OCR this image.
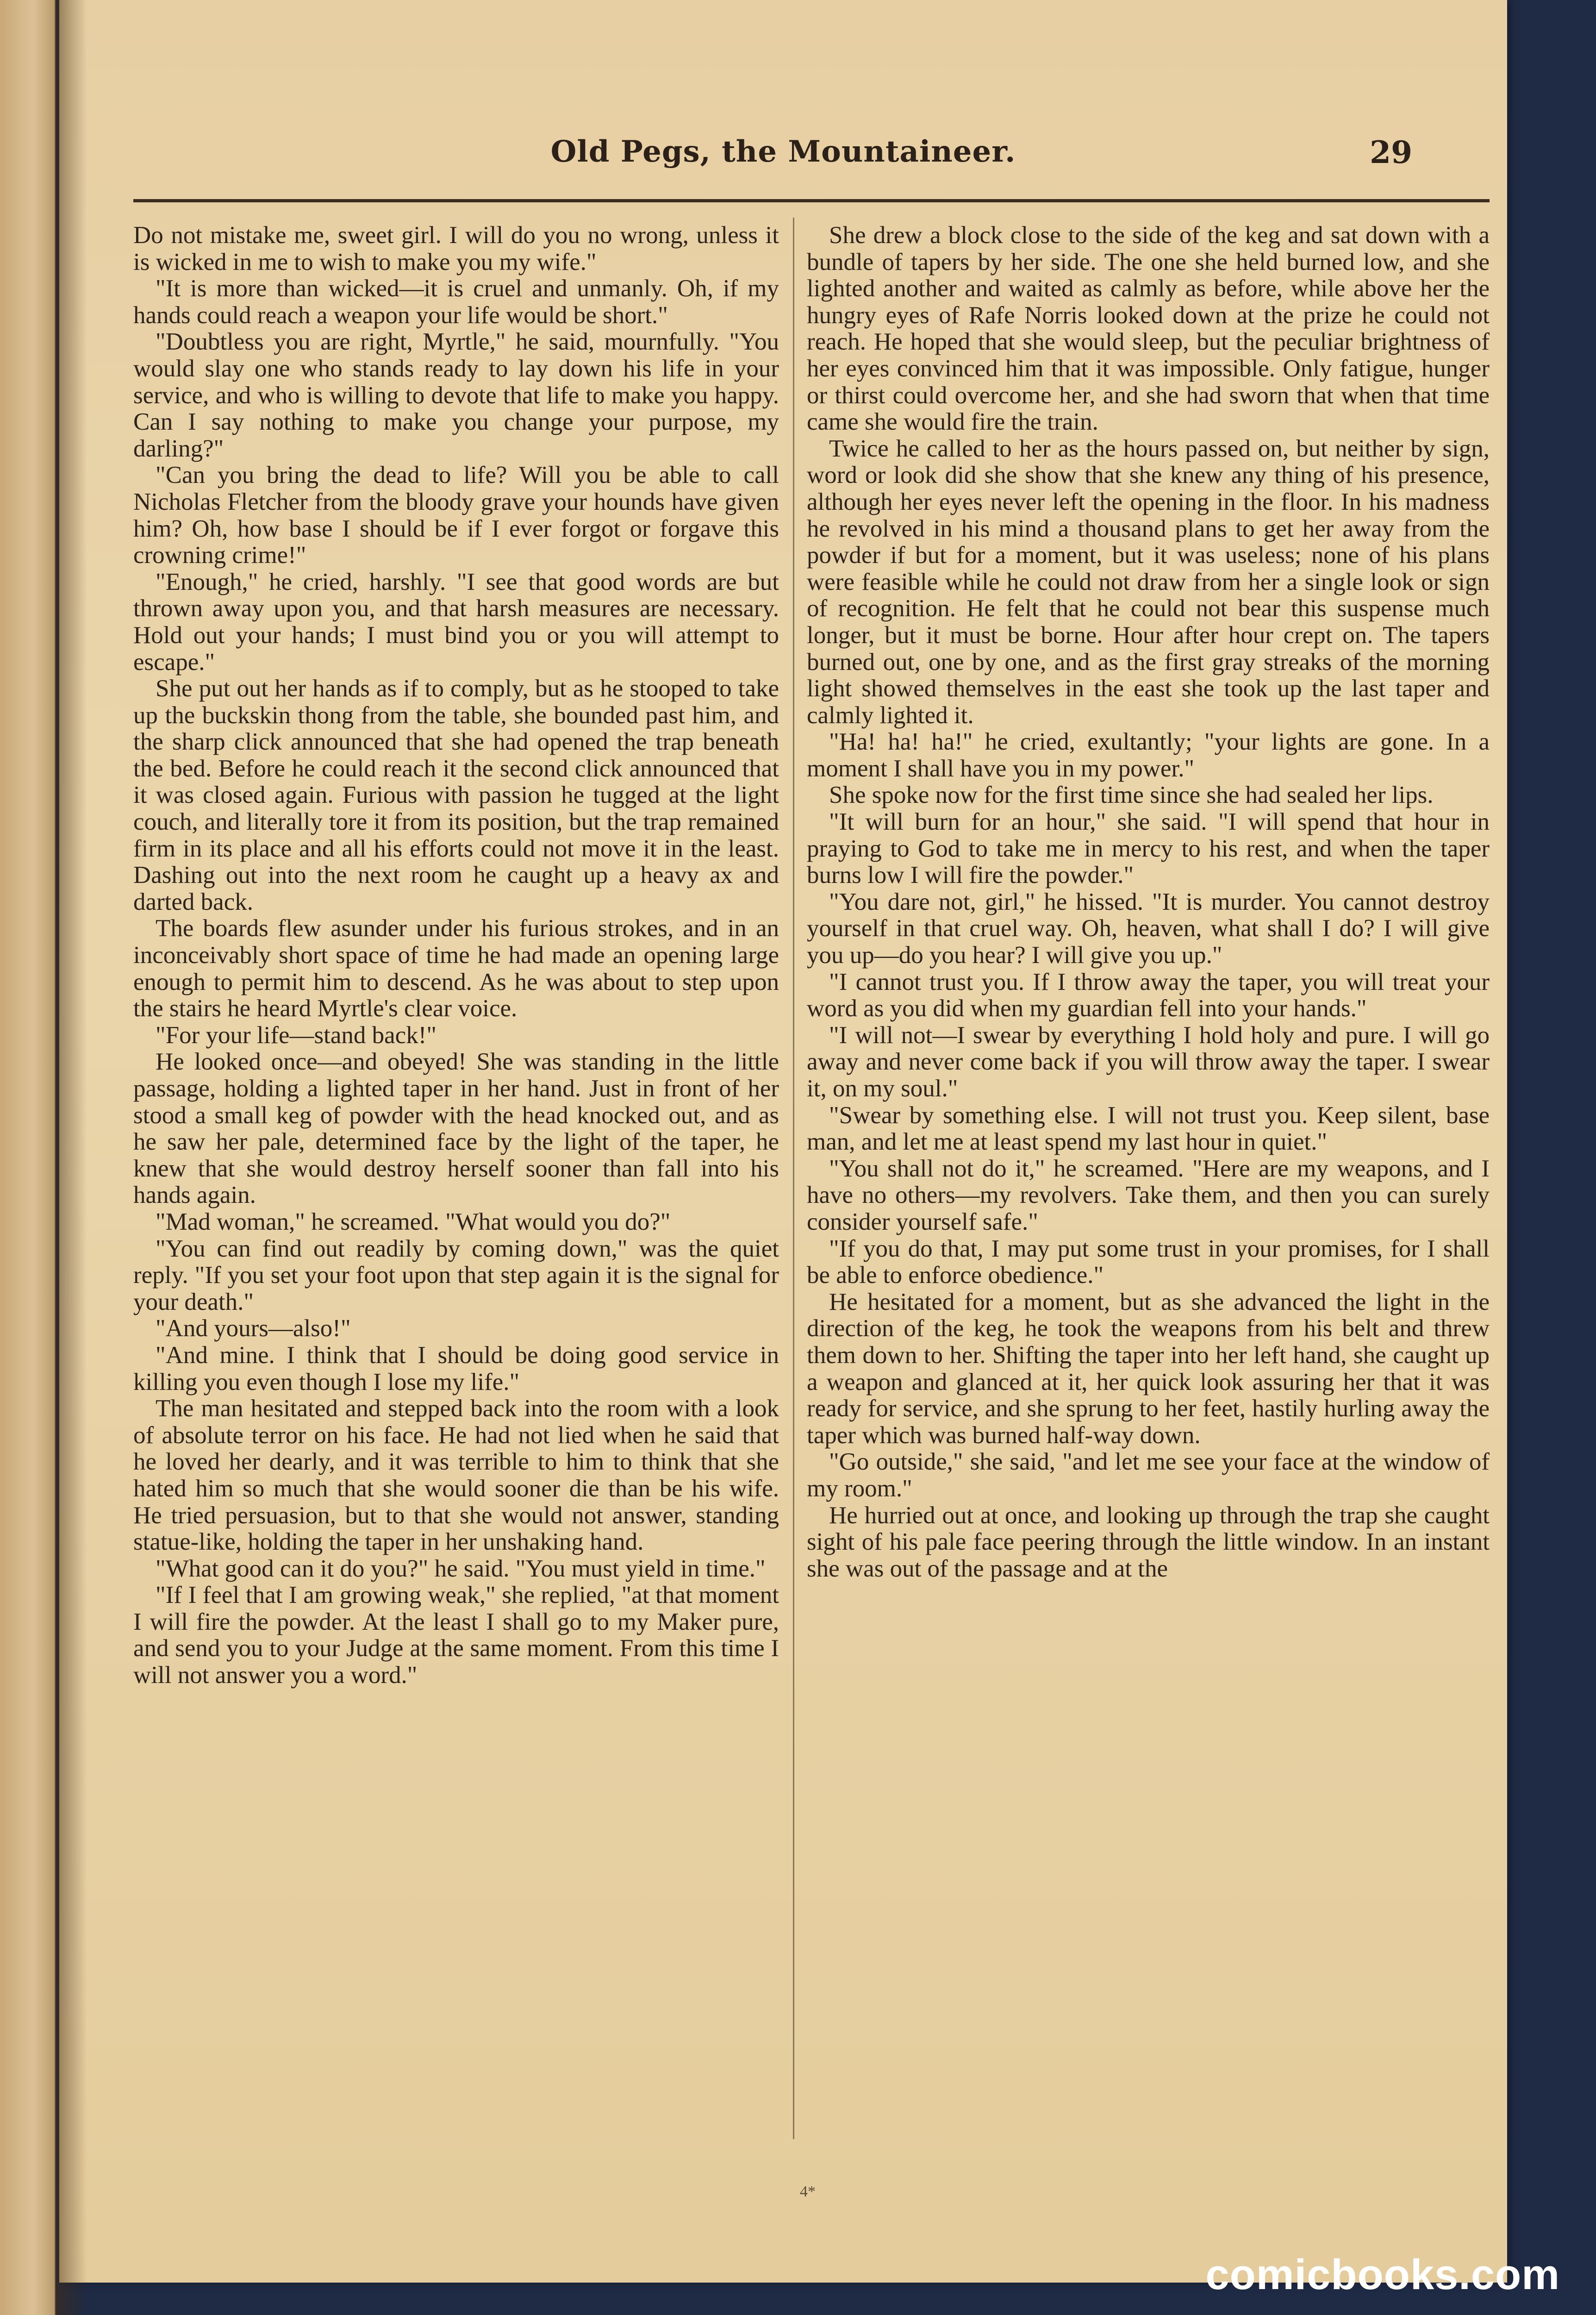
Old Pegs, the Mountaineer.	29

Do not mistake me, sweet girl. I will do you no wrong, unless it is wicked in me to wish to make you my wife."

"It is more than wicked—it is cruel and unmanly. Oh, if my hands could reach a weapon your life would be short."

"Doubtless you are right, Myrtle," he said, mournfully. "You would slay one who stands ready to lay down his life in your service, and who is willing to devote that life to make you happy. Can I say nothing to make you change your purpose, my darling?"

"Can you bring the dead to life? Will you be able to call Nicholas Fletcher from the bloody grave your hounds have given him? Oh, how base I should be if I ever forgot or forgave this crowning crime!"

"Enough," he cried, harshly. "I see that good words are but thrown away upon you, and that harsh measures are necessary. Hold out your hands; I must bind you or you will attempt to escape."

She put out her hands as if to comply, but as he stooped to take up the buckskin thong from the table, she bounded past him, and the sharp click announced that she had opened the trap beneath the bed. Before he could reach it the second click announced that it was closed again. Furious with passion he tugged at the light couch, and literally tore it from its position, but the trap remained firm in its place and all his efforts could not move it in the least. Dashing out into the next room he caught up a heavy ax and darted back.

The boards flew asunder under his furious strokes, and in an inconceivably short space of time he had made an opening large enough to permit him to descend. As he was about to step upon the stairs he heard Myrtle's clear voice.

"For your life—stand back!"

He looked once—and obeyed! She was standing in the little passage, holding a lighted taper in her hand. Just in front of her stood a small keg of powder with the head knocked out, and as he saw her pale, determined face by the light of the taper, he knew that she would destroy herself sooner than fall into his hands again.

"Mad woman," he screamed. "What would you do?"

"You can find out readily by coming down," was the quiet reply. "If you set your foot upon that step again it is the signal for your death."

"And yours—also!"

"And mine. I think that I should be doing good service in killing you even though I lose my life."

The man hesitated and stepped back into the room with a look of absolute terror on his face. He had not lied when he said that he loved her dearly, and it was terrible to him to think that she hated him so much that she would sooner die than be his wife. He tried persuasion, but to that she would not answer, standing statue-like, holding the taper in her unshaking hand.

"What good can it do you?" he said. "You must yield in time."

"If I feel that I am growing weak," she replied, "at that moment I will fire the powder. At the least I shall go to my Maker pure, and send you to your Judge at the same moment. From this time I will not answer you a word."

She drew a block close to the side of the keg and sat down with a bundle of tapers by her side. The one she held burned low, and she lighted another and waited as calmly as before, while above her the hungry eyes of Rafe Norris looked down at the prize he could not reach. He hoped that she would sleep, but the peculiar brightness of her eyes convinced him that it was impossible. Only fatigue, hunger or thirst could overcome her, and she had sworn that when that time came she would fire the train.

Twice he called to her as the hours passed on, but neither by sign, word or look did she show that she knew any thing of his presence, although her eyes never left the opening in the floor. In his madness he revolved in his mind a thousand plans to get her away from the powder if but for a moment, but it was useless; none of his plans were feasible while he could not draw from her a single look or sign of recognition. He felt that he could not bear this suspense much longer, but it must be borne. Hour after hour crept on. The tapers burned out, one by one, and as the first gray streaks of the morning light showed themselves in the east she took up the last taper and calmly lighted it.

"Ha! ha! ha!" he cried, exultantly; "your lights are gone. In a moment I shall have you in my power."

She spoke now for the first time since she had sealed her lips.

"It will burn for an hour," she said. "I will spend that hour in praying to God to take me in mercy to his rest, and when the taper burns low I will fire the powder."

"You dare not, girl," he hissed. "It is murder. You cannot destroy yourself in that cruel way. Oh, heaven, what shall I do? I will give you up—do you hear? I will give you up."

"I cannot trust you. If I throw away the taper, you will treat your word as you did when my guardian fell into your hands."

"I will not—I swear by everything I hold holy and pure. I will go away and never come back if you will throw away the taper. I swear it, on my soul."

"Swear by something else. I will not trust you. Keep silent, base man, and let me at least spend my last hour in quiet."

"You shall not do it," he screamed. "Here are my weapons, and I have no others—my revolvers. Take them, and then you can surely consider yourself safe."

"If you do that, I may put some trust in your promises, for I shall be able to enforce obedience."

He hesitated for a moment, but as she advanced the light in the direction of the keg, he took the weapons from his belt and threw them down to her. Shifting the taper into her left hand, she caught up a weapon and glanced at it, her quick look assuring her that it was ready for service, and she sprung to her feet, hastily hurling away the taper which was burned half-way down.

"Go outside," she said, "and let me see your face at the window of my room."

He hurried out at once, and looking up through the trap she caught sight of his pale face peering through the little window. In an instant she was out of the passage and at the

4*
comicbooks.com
